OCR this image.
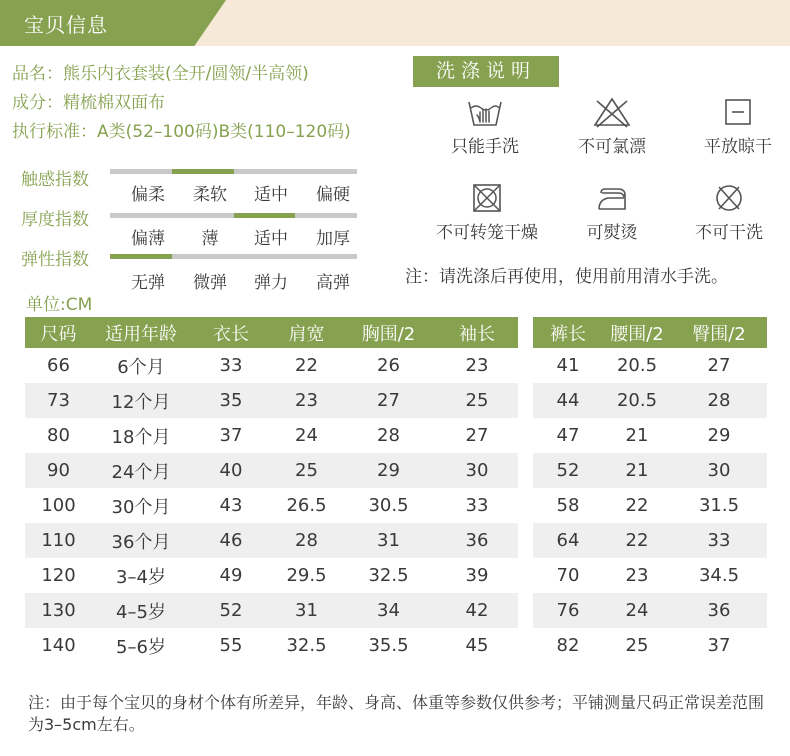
宝贝信息
品名：熊乐内衣套装(全开/圆领/半高领)
成分：精梳棉双面布
执行标准：A类(52–100码)B类(110–120码)
触感指数
偏柔	柔软	适中	偏硬
厚度指数
偏薄	薄	适中	加厚
弹性指数
无弹	微弹	弹力	高弹
单位:CM
洗涤说明
只能手洗	不可氯漂	平放晾干
不可转笼干燥	可熨烫	不可干洗
注：请洗涤后再使用，使用前用清水手洗。
尺码	适用年龄	衣长	肩宽	胸围/2	袖长
66	6个月	33	22	26	23
73	12个月	35	23	27	25
80	18个月	37	24	28	27
90	24个月	40	25	29	30
100	30个月	43	26.5	30.5	33
110	36个月	46	28	31	36
120	3–4岁	49	29.5	32.5	39
130	4–5岁	52	31	34	42
140	5–6岁	55	32.5	35.5	45
裤长	腰围/2	臀围/2
41	20.5	27
44	20.5	28
47	21	29
52	21	30
58	22	31.5
64	22	33
70	23	34.5
76	24	36
82	25	37
注：由于每个宝贝的身材个体有所差异，年龄、身高、体重等参数仅供参考；平铺测量尺码正常误差范围为3–5cm左右。
